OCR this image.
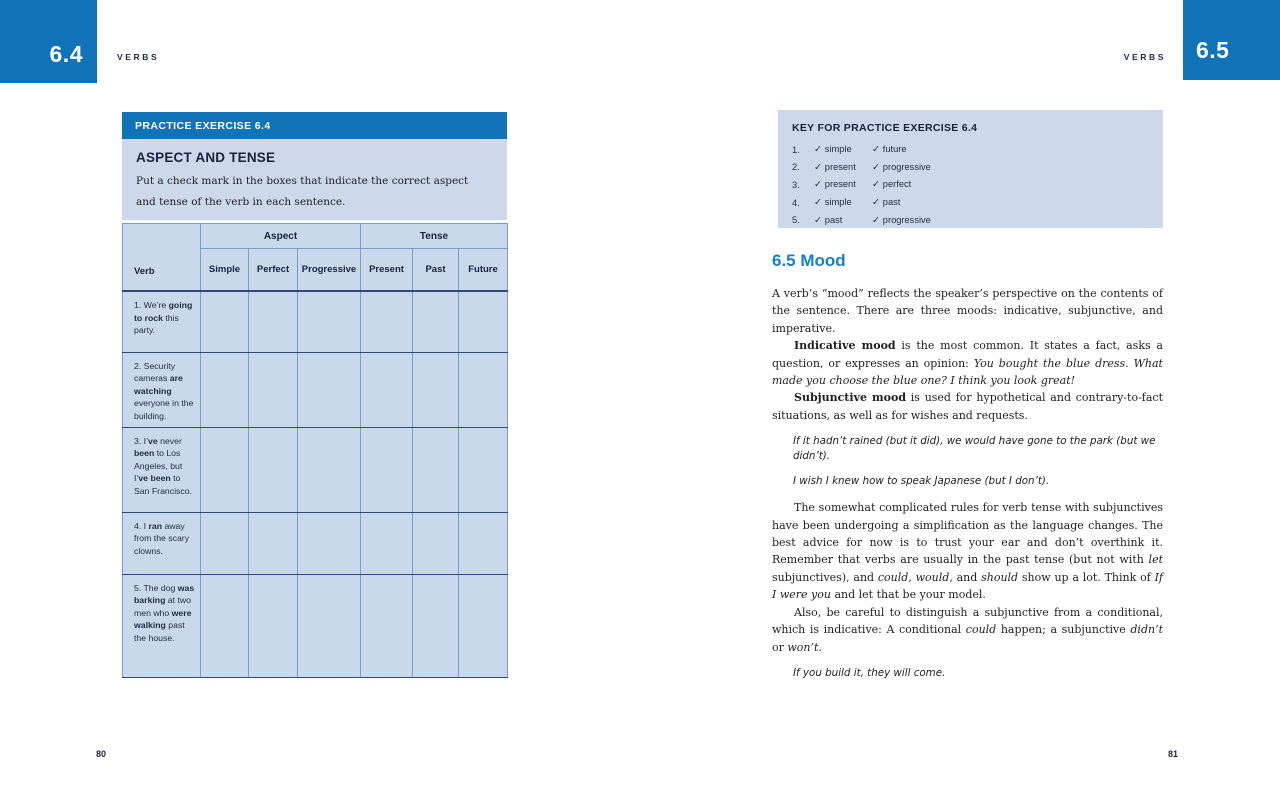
6.4	VERBS	6.5
VERBS
PRACTICE EXERCISE 6.4
ASPECT AND TENSE

Put a check mark in the boxes that indicate the correct aspect and tense of the verb in each sentence.

Verb	Aspect			Tense		
	Simple	Perfect	Progressive	Present	Past	Future
1. We’re going to rock this party.						
2. Security cameras are watching everyone in the building.						
3. I’ve never been to Los Angeles, but I’ve been to San Francisco.						
4. I ran away from the scary clowns.						
5. The dog was barking at two men who were walking past the house.						
KEY FOR PRACTICE EXERCISE 6.4
1.	✓ simple	✓ future
2.	✓ present	✓ progressive
3.	✓ present	✓ perfect
4.	✓ simple	✓ past
5.	✓ past	✓ progressive
6.5 Mood

A verb’s “mood” reflects the speaker’s perspective on the contents of the sentence. There are three moods: indicative, subjunctive, and imperative.

Indicative mood is the most common. It states a fact, asks a question, or expresses an opinion: You bought the blue dress. What made you choose the blue one? I think you look great!

Subjunctive mood is used for hypothetical and contrary-to-fact situations, as well as for wishes and requests.

If it hadn’t rained (but it did), we would have gone to the park (but we didn’t).

I wish I knew how to speak Japanese (but I don’t).

The somewhat complicated rules for verb tense with subjunctives have been undergoing a simplification as the language changes. The best advice for now is to trust your ear and don’t overthink it. Remember that verbs are usually in the past tense (but not with let subjunctives), and could, would, and should show up a lot. Think of If I were you and let that be your model.

Also, be careful to distinguish a subjunctive from a conditional, which is indicative: A conditional could happen; a subjunctive didn’t or won’t.

If you build it, they will come.

80	81
